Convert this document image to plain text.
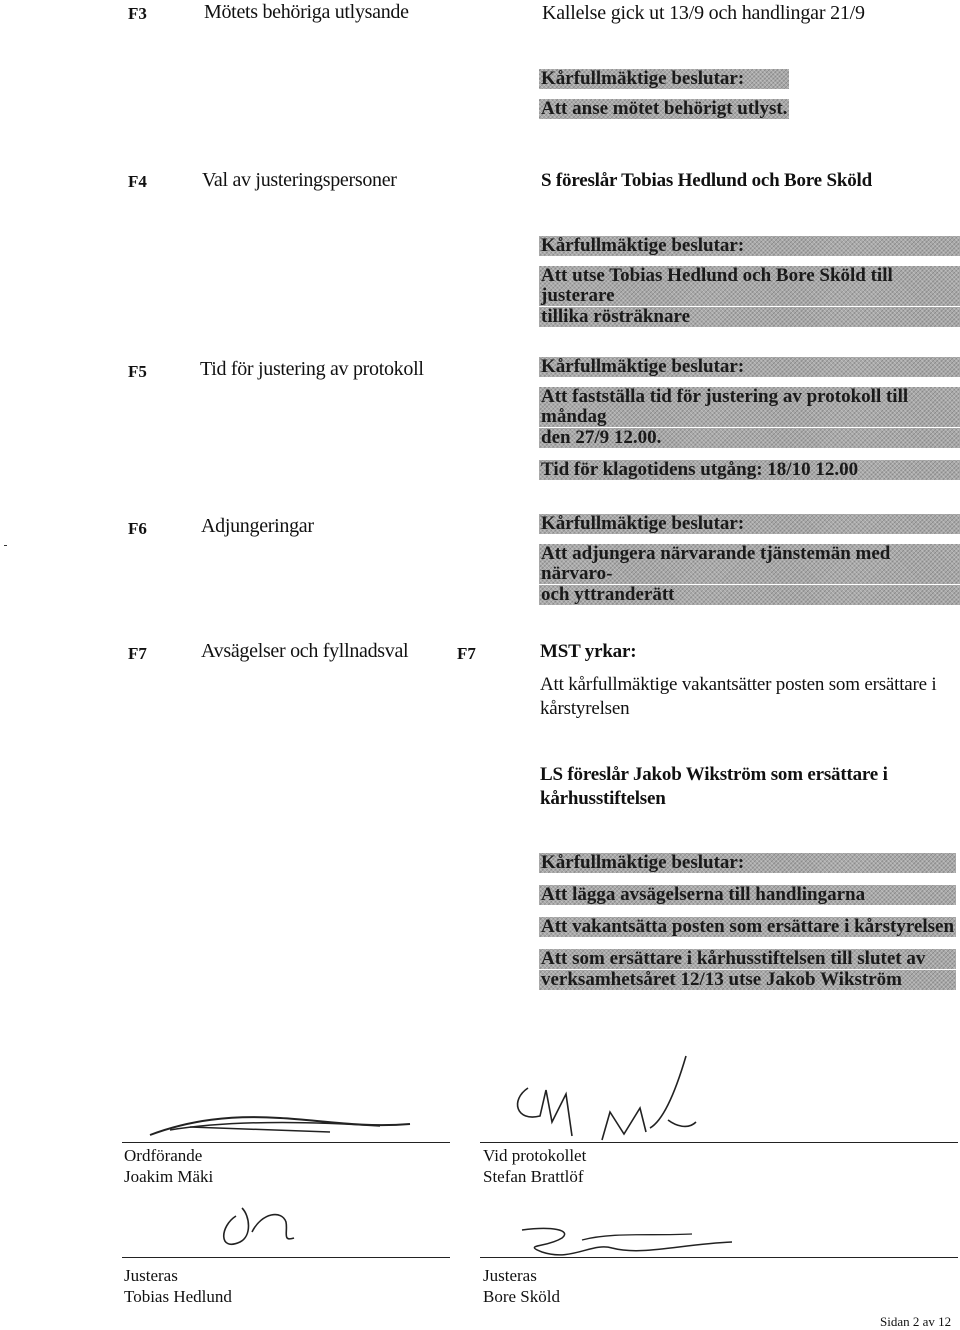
F3	Mötets behöriga utlysande	Kallelse gick ut 13/9 och handlingar 21/9
Kårfullmäktige beslutar:
Att anse mötet behörigt utlyst.
F4	Val av justeringspersoner	S föreslår Tobias Hedlund och Bore Sköld
Kårfullmäktige beslutar:
Att utse Tobias Hedlund och Bore Sköld till justerare
tillika rösträknare
F5	Tid för justering av protokoll	Kårfullmäktige beslutar:
Att fastställa tid för justering av protokoll till måndag
den 27/9 12.00.
Tid för klagotidens utgång: 18/10 12.00
F6	Adjungeringar	Kårfullmäktige beslutar:
Att adjungera närvarande tjänstemän med närvaro-
och yttranderätt
F7	Avsägelser och fyllnadsval	F7	MST yrkar:
Att kårfullmäktige vakantsätter posten som ersättare i
kårstyrelsen
LS föreslår Jakob Wikström som ersättare i
kårhusstiftelsen
Kårfullmäktige beslutar:
Att lägga avsägelserna till handlingarna
Att vakantsätta posten som ersättare i kårstyrelsen
Att som ersättare i kårhusstiftelsen till slutet av
verksamhetsåret 12/13 utse Jakob Wikström
Ordförande
Joakim Mäki
Vid protokollet
Stefan Brattlöf
Justeras
Tobias Hedlund
Justeras
Bore Sköld
Sidan 2 av 12
